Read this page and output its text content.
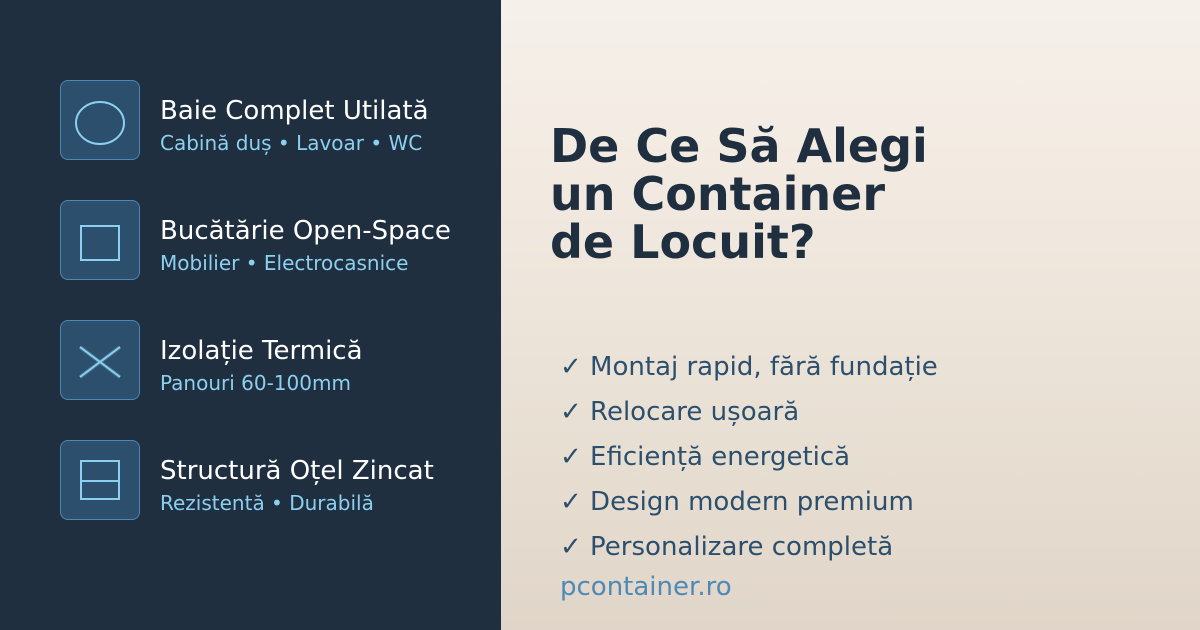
Baie Complet Utilată
Cabină duș • Lavoar • WC
Bucătărie Open-Space
Mobilier • Electrocasnice
Izolație Termică
Panouri 60-100mm
Structură Oțel Zincat
Rezistentă • Durabilă
De Ce Să Alegi
un Container
de Locuit?
✓ Montaj rapid, fără fundație
✓ Relocare ușoară
✓ Eficiență energetică
✓ Design modern premium
✓ Personalizare completă
pcontainer.ro
